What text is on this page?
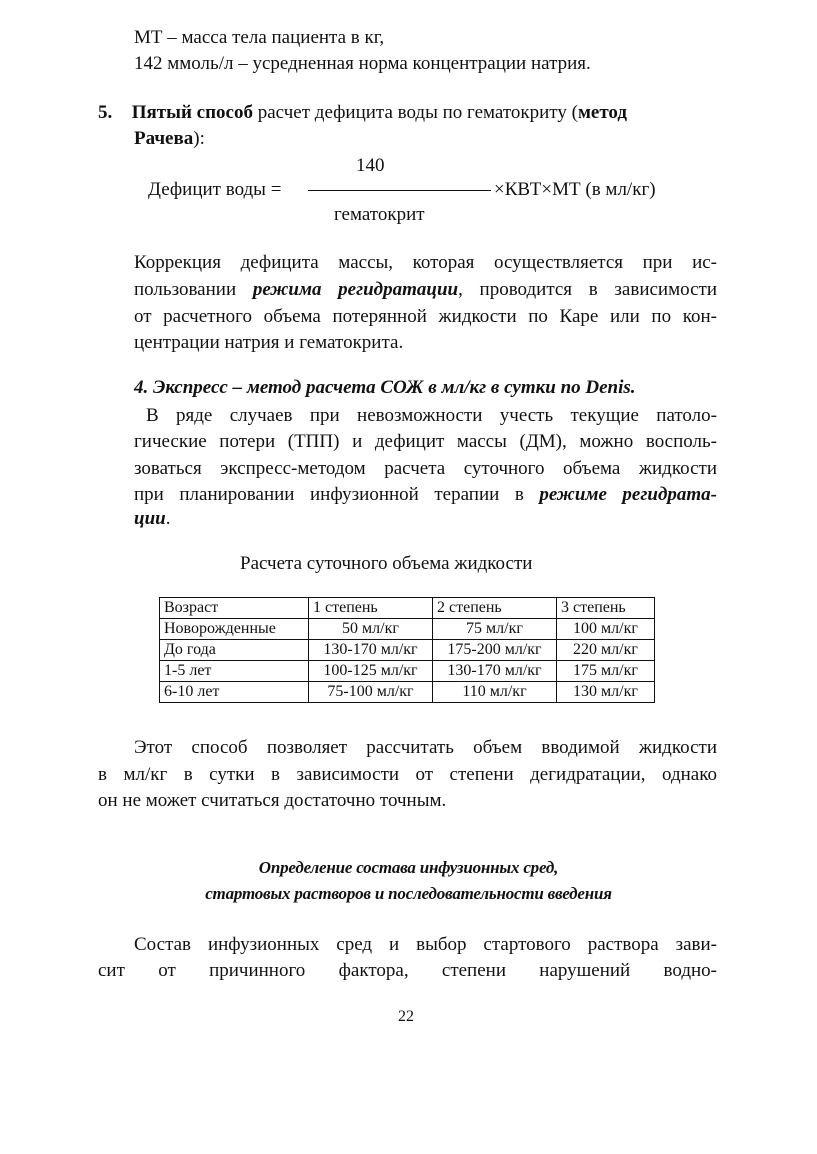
МТ – масса тела пациента в кг,
142 ммоль/л – усредненная норма концентрации натрия.
5. Пятый способ расчет дефицита воды по гематокриту (метод
Рачева):
140
Дефицит воды =	×КВТ×МТ (в мл/кг)
гематокрит
Коррекция дефицита массы, которая осуществляется при ис-
пользовании режима регидратации, проводится в зависимости
от расчетного объема потерянной жидкости по Каре или по кон-
центрации натрия и гематокрита.
4. Экспресс – метод расчета СОЖ в мл/кг в сутки по Denis.
В ряде случаев при невозможности учесть текущие патоло-
гические потери (ТПП) и дефицит массы (ДМ), можно восполь-
зоваться экспресс-методом расчета суточного объема жидкости
при планировании инфузионной терапии в режиме регидрата-
ции.
Расчета суточного объема жидкости
Возраст	1 степень	2 степень	3 степень
Новорожденные	50 мл/кг	75 мл/кг	100 мл/кг
До года	130-170 мл/кг	175-200 мл/кг	220 мл/кг
1-5 лет	100-125 мл/кг	130-170 мл/кг	175 мл/кг
6-10 лет	75-100 мл/кг	110 мл/кг	130 мл/кг
Этот способ позволяет рассчитать объем вводимой жидкости
в мл/кг в сутки в зависимости от степени дегидратации, однако
он не может считаться достаточно точным.
Определение состава инфузионных сред,
стартовых растворов и последовательности введения
Состав инфузионных сред и выбор стартового раствора зави-
сит от причинного фактора, степени нарушений водно-
22
